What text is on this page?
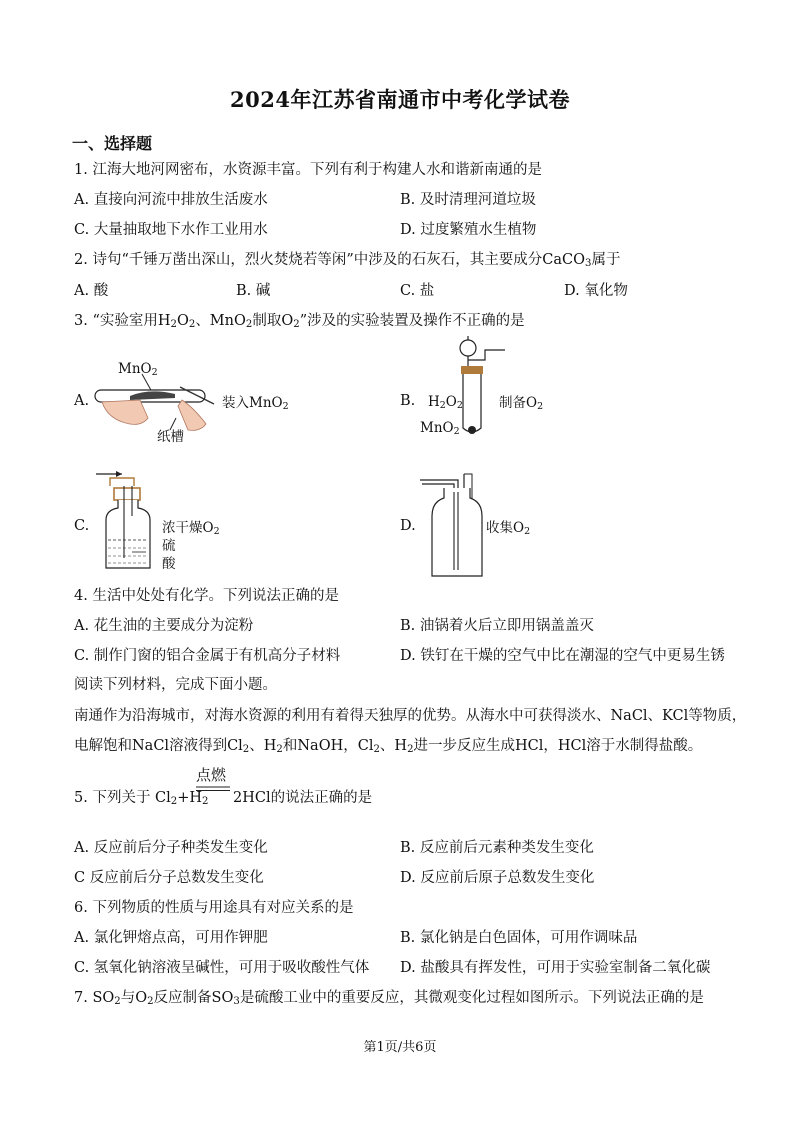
2024年江苏省南通市中考化学试卷
一、选择题
1. 江海大地河网密布，水资源丰富。下列有利于构建人水和谐新南通的是
A. 直接向河流中排放生活废水	B. 及时清理河道垃圾
C. 大量抽取地下水作工业用水	D. 过度繁殖水生植物
2. 诗句“千锤万凿出深山，烈火焚烧若等闲”中涉及的石灰石，其主要成分CaCO$_3$属于
A. 酸	B. 碱	C. 盐	D. 氧化物
3. “实验室用$H_2O_2$、MnO$_2$制取$O_2$”涉及的实验装置及操作不正确的是
A.
MnO$_2$
装入MnO$_2$
纸槽
B. $H_2O_2$
MnO$_2$
制备$O_2$
C.	浓干燥$O_2$
硫
酸
D.	收集$O_2$
4. 生活中处处有化学。下列说法正确的是
A. 花生油的主要成分为淀粉	B. 油锅着火后立即用锅盖盖灭
C. 制作门窗的铝合金属于有机高分子材料	D. 铁钉在干燥的空气中比在潮湿的空气中更易生锈
阅读下列材料，完成下面小题。
南通作为沿海城市，对海水资源的利用有着得天独厚的优势。从海水中可获得淡水、NaCl、KCl等物质，
电解饱和NaCl溶液得到$Cl_2$、$H_2$和NaOH，$Cl_2$、$H_2$进一步反应生成HCl，HCl溶于水制得盐酸。
5. 下列关于 $Cl_2+H_2$
点燃
2HCl的说法正确的是
A. 反应前后分子种类发生变化	B. 反应前后元素种类发生变化
C 反应前后分子总数发生变化	D. 反应前后原子总数发生变化
6. 下列物质的性质与用途具有对应关系的是
A. 氯化钾熔点高，可用作钾肥	B. 氯化钠是白色固体，可用作调味品
C. 氢氧化钠溶液呈碱性，可用于吸收酸性气体 D. 盐酸具有挥发性，可用于实验室制备二氧化碳
7. $SO_2$与$O_2$反应制备$SO_3$是硫酸工业中的重要反应，其微观变化过程如图所示。下列说法正确的是
第1页/共6页
